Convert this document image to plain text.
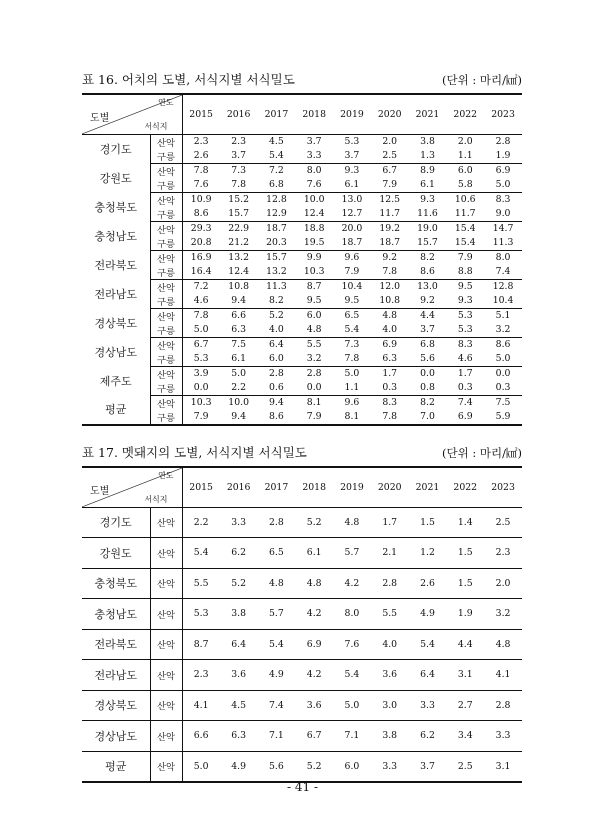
표 16. 어치의 도별, 서식지별 서식밀도	(단위 : 마리/㎢)
연도
도별
서식지		2015	2016	2017	2018	2019	2020	2021	2022	2023
경기도	산악	2.3	2.3	4.5	3.7	5.3	2.0	3.8	2.0	2.8
	구릉	2.6	3.7	5.4	3.3	3.7	2.5	1.3	1.1	1.9
강원도	산악	7.8	7.3	7.2	8.0	9.3	6.7	8.9	6.0	6.9
	구릉	7.6	7.8	6.8	7.6	6.1	7.9	6.1	5.8	5.0
충청북도	산악	10.9	15.2	12.8	10.0	13.0	12.5	9.3	10.6	8.3
	구릉	8.6	15.7	12.9	12.4	12.7	11.7	11.6	11.7	9.0
충청남도	산악	29.3	22.9	18.7	18.8	20.0	19.2	19.0	15.4	14.7
	구릉	20.8	21.2	20.3	19.5	18.7	18.7	15.7	15.4	11.3
전라북도	산악	16.9	13.2	15.7	9.9	9.6	9.2	8.2	7.9	8.0
	구릉	16.4	12.4	13.2	10.3	7.9	7.8	8.6	8.8	7.4
전라남도	산악	7.2	10.8	11.3	8.7	10.4	12.0	13.0	9.5	12.8
	구릉	4.6	9.4	8.2	9.5	9.5	10.8	9.2	9.3	10.4
경상북도	산악	7.8	6.6	5.2	6.0	6.5	4.8	4.4	5.3	5.1
	구릉	5.0	6.3	4.0	4.8	5.4	4.0	3.7	5.3	3.2
경상남도	산악	6.7	7.5	6.4	5.5	7.3	6.9	6.8	8.3	8.6
	구릉	5.3	6.1	6.0	3.2	7.8	6.3	5.6	4.6	5.0
제주도	산악	3.9	5.0	2.8	2.8	5.0	1.7	0.0	1.7	0.0
	구릉	0.0	2.2	0.6	0.0	1.1	0.3	0.8	0.3	0.3
평균	산악	10.3	10.0	9.4	8.1	9.6	8.3	8.2	7.4	7.5
	구릉	7.9	9.4	8.6	7.9	8.1	7.8	7.0	6.9	5.9
표 17. 멧돼지의 도별, 서식지별 서식밀도	(단위 : 마리/㎢)
연도
도별
서식지		2015	2016	2017	2018	2019	2020	2021	2022	2023
경기도	산악	2.2	3.3	2.8	5.2	4.8	1.7	1.5	1.4	2.5
강원도	산악	5.4	6.2	6.5	6.1	5.7	2.1	1.2	1.5	2.3
충청북도	산악	5.5	5.2	4.8	4.8	4.2	2.8	2.6	1.5	2.0
충청남도	산악	5.3	3.8	5.7	4.2	8.0	5.5	4.9	1.9	3.2
전라북도	산악	8.7	6.4	5.4	6.9	7.6	4.0	5.4	4.4	4.8
전라남도	산악	2.3	3.6	4.9	4.2	5.4	3.6	6.4	3.1	4.1
경상북도	산악	4.1	4.5	7.4	3.6	5.0	3.0	3.3	2.7	2.8
경상남도	산악	6.6	6.3	7.1	6.7	7.1	3.8	6.2	3.4	3.3
평균	산악	5.0	4.9	5.6	5.2	6.0	3.3	3.7	2.5	3.1
- 41 -
